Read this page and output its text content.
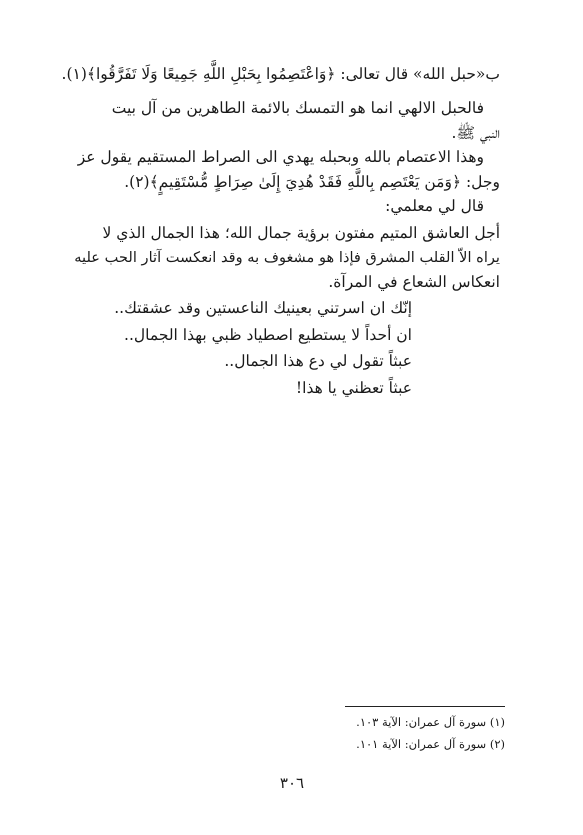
ب«حبل الله» قال تعالى: ﴿وَاعْتَصِمُوا بِحَبْلِ اللَّهِ جَمِيعًا وَلَا تَفَرَّقُوا﴾(١).
فالحبل الالهي انما هو التمسك بالائمة الطاهرين من آل بيت
النبي ﷺ.
وهذا الاعتصام بالله وبحبله يهدي الى الصراط المستقيم يقول عز
وجل: ﴿وَمَن يَعْتَصِم بِاللَّهِ فَقَدْ هُدِيَ إِلَىٰ صِرَاطٍ مُّسْتَقِيمٍ﴾(٢).
قال لي معلمي:
أجل العاشق المتيم مفتون برؤية جمال الله؛ هذا الجمال الذي لا
يراه الاّ القلب المشرق فإذا هو مشغوف به وقد انعكست آثار الحب عليه
انعكاس الشعاع في المرآة.
إنّك ان اسرتني بعينيك الناعستين وقد عشقتك..
ان أحداً لا يستطيع اصطياد ظبي بهذا الجمال..
عبثاً تقول لي دع هذا الجمال..
عبثاً تعظني يا هذا!
(١) سورة آل عمران: الآية ١٠٣.
(٢) سورة آل عمران: الآية ١٠١.
٣٠٦
